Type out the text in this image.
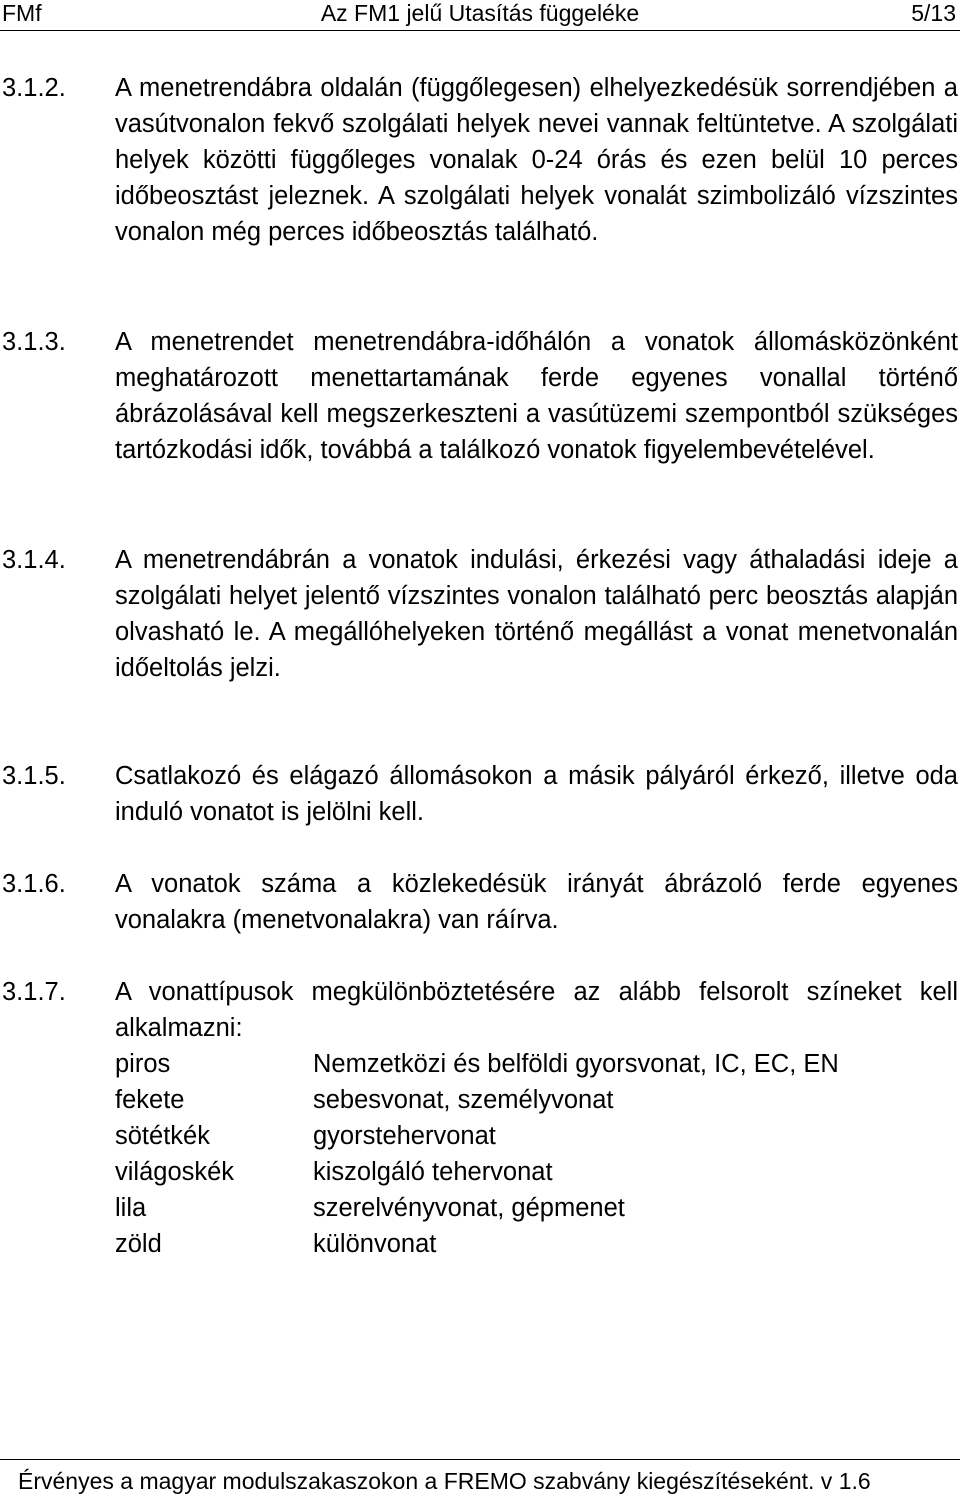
FMf	Az FM1 jelű Utasítás függeléke	5/13
3.1.2. A menetrendábra oldalán (függőlegesen) elhelyezkedésük sorrendjében a vasútvonalon fekvő szolgálati helyek nevei vannak feltüntetve. A szolgálati helyek közötti függőleges vonalak 0-24 órás és ezen belül 10 perces időbeosztást jeleznek. A szolgálati helyek vonalát szimbolizáló vízszintes vonalon még perces időbeosztás található.
3.1.3. A menetrendet menetrendábra-időhálón a vonatok állomásközönként meghatározott menettartamának ferde egyenes vonallal történő ábrázolásával kell megszerkeszteni a vasútüzemi szempontból szükséges tartózkodási idők, továbbá a találkozó vonatok figyelembevételével.
3.1.4. A menetrendábrán a vonatok indulási, érkezési vagy áthaladási ideje a szolgálati helyet jelentő vízszintes vonalon található perc beosztás alapján olvasható le. A megállóhelyeken történő megállást a vonat menetvonalán időeltolás jelzi.
3.1.5. Csatlakozó és elágazó állomásokon a másik pályáról érkező, illetve oda induló vonatot is jelölni kell.
3.1.6. A vonatok száma a közlekedésük irányát ábrázoló ferde egyenes vonalakra (menetvonalakra) van ráírva.
3.1.7. A vonattípusok megkülönböztetésére az alább felsorolt színeket kell alkalmazni:
piros	Nemzetközi és belföldi gyorsvonat, IC, EC, EN
fekete	sebesvonat, személyvonat
sötétkék	gyorstehervonat
világoskék	kiszolgáló tehervonat
lila	szerelvényvonat, gépmenet
zöld	különvonat
Érvényes a magyar modulszakaszokon a FREMO szabvány kiegészítéseként. v 1.6
